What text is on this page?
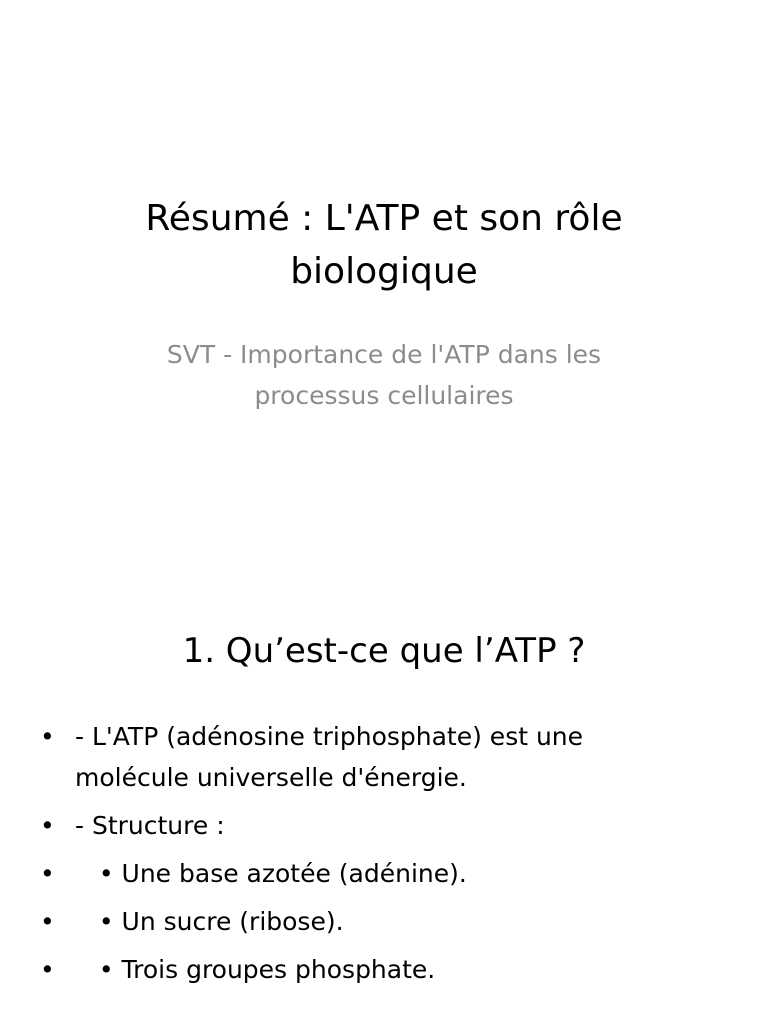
Résumé : L'ATP et son rôle biologique

SVT - Importance de l'ATP dans les processus cellulaires

1. Qu’est-ce que l’ATP ?
• - L'ATP (adénosine triphosphate) est une molécule universelle d'énergie.
• - Structure :
• • Une base azotée (adénine).
• • Un sucre (ribose).
• • Trois groupes phosphate.
